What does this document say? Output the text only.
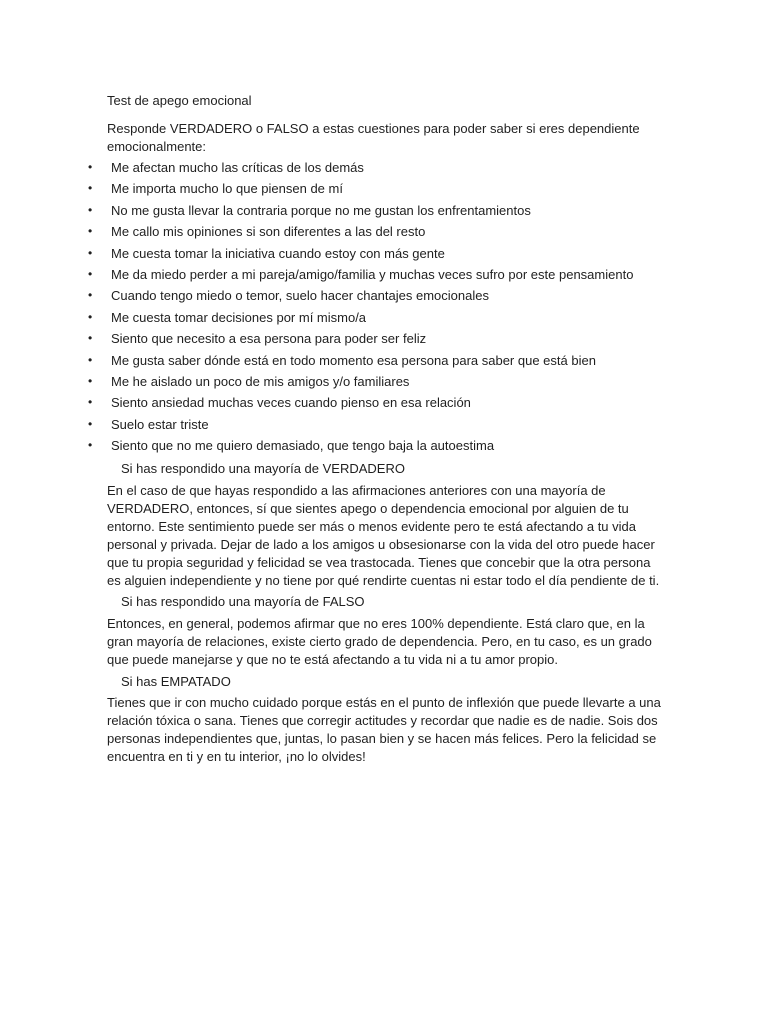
Test de apego emocional
Responde VERDADERO o FALSO a estas cuestiones para poder saber si eres dependiente emocionalmente:
• Me afectan mucho las críticas de los demás
• Me importa mucho lo que piensen de mí
• No me gusta llevar la contraria porque no me gustan los enfrentamientos
• Me callo mis opiniones si son diferentes a las del resto
• Me cuesta tomar la iniciativa cuando estoy con más gente
• Me da miedo perder a mi pareja/amigo/familia y muchas veces sufro por este pensamiento
• Cuando tengo miedo o temor, suelo hacer chantajes emocionales
• Me cuesta tomar decisiones por mí mismo/a
• Siento que necesito a esa persona para poder ser feliz
• Me gusta saber dónde está en todo momento esa persona para saber que está bien
• Me he aislado un poco de mis amigos y/o familiares
• Siento ansiedad muchas veces cuando pienso en esa relación
• Suelo estar triste
• Siento que no me quiero demasiado, que tengo baja la autoestima
Si has respondido una mayoría de VERDADERO
En el caso de que hayas respondido a las afirmaciones anteriores con una mayoría de VERDADERO, entonces, sí que sientes apego o dependencia emocional por alguien de tu entorno. Este sentimiento puede ser más o menos evidente pero te está afectando a tu vida personal y privada. Dejar de lado a los amigos u obsesionarse con la vida del otro puede hacer que tu propia seguridad y felicidad se vea trastocada. Tienes que concebir que la otra persona es alguien independiente y no tiene por qué rendirte cuentas ni estar todo el día pendiente de ti.
Si has respondido una mayoría de FALSO
Entonces, en general, podemos afirmar que no eres 100% dependiente. Está claro que, en la gran mayoría de relaciones, existe cierto grado de dependencia. Pero, en tu caso, es un grado que puede manejarse y que no te está afectando a tu vida ni a tu amor propio.
Si has EMPATADO
Tienes que ir con mucho cuidado porque estás en el punto de inflexión que puede llevarte a una relación tóxica o sana. Tienes que corregir actitudes y recordar que nadie es de nadie. Sois dos personas independientes que, juntas, lo pasan bien y se hacen más felices. Pero la felicidad se encuentra en ti y en tu interior, ¡no lo olvides!
